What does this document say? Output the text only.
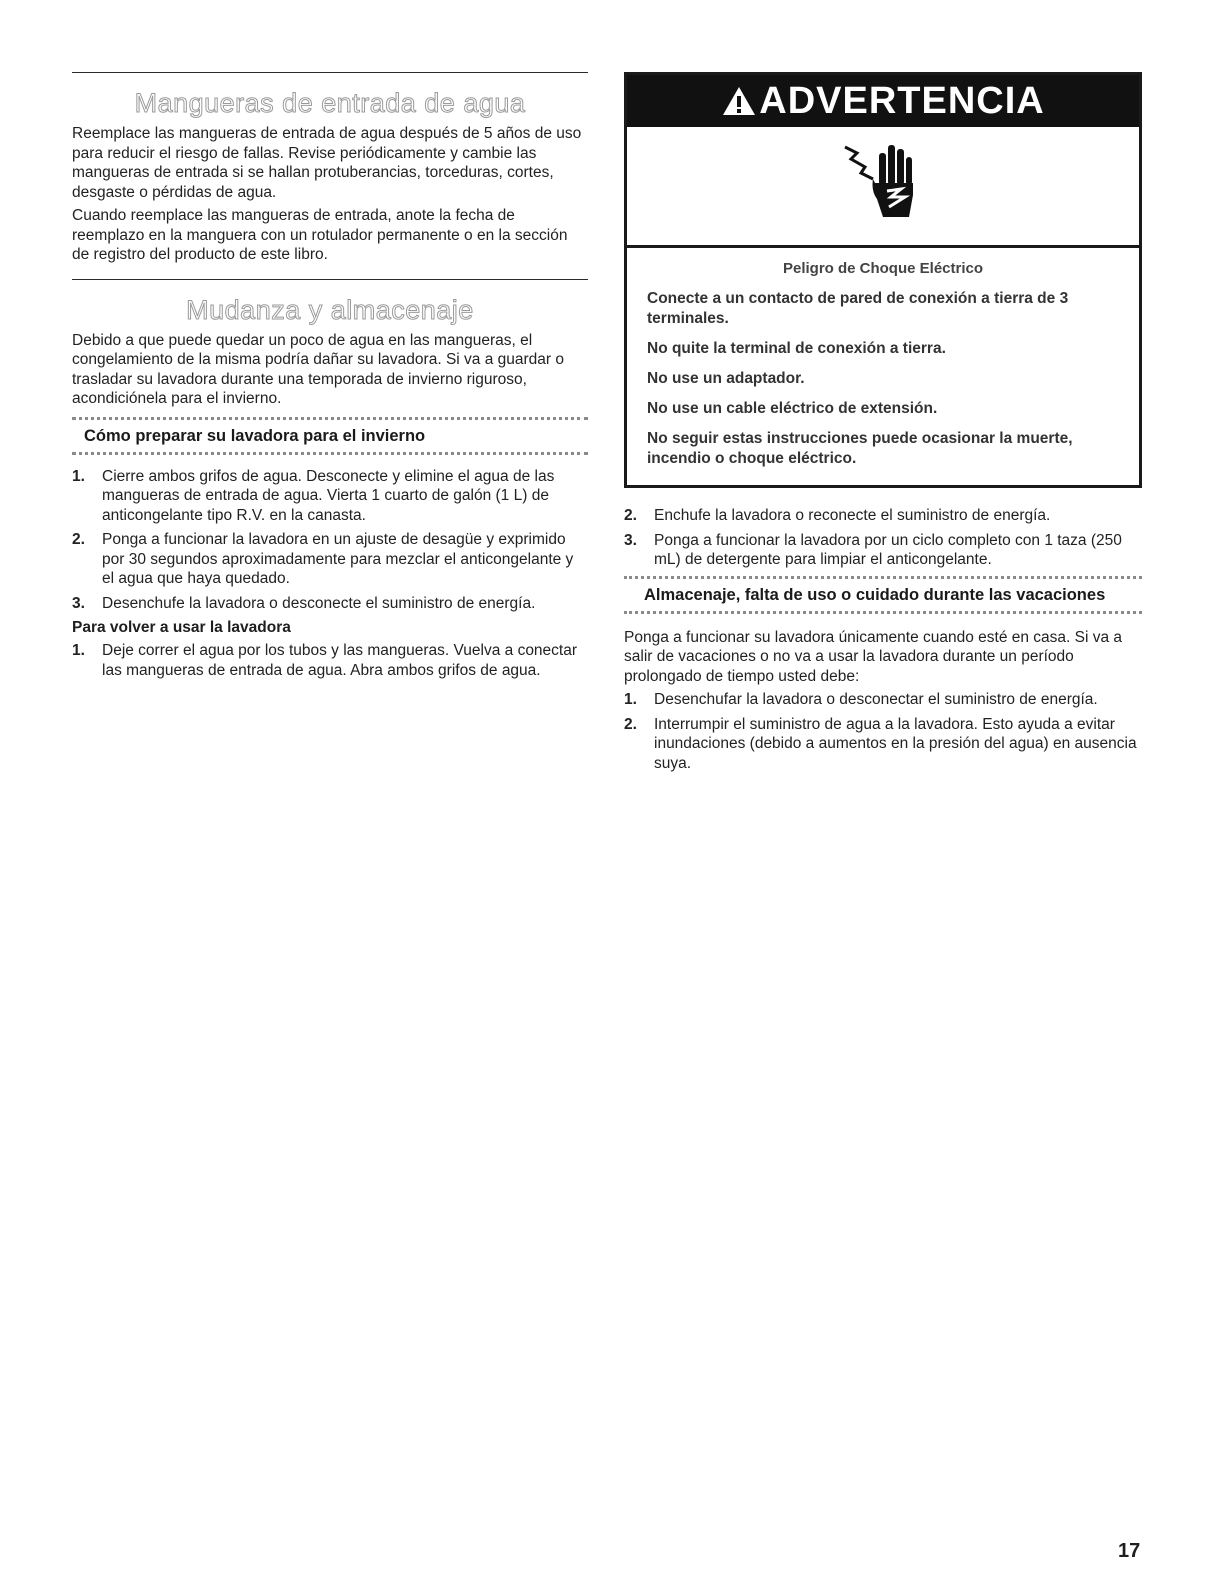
Mangueras de entrada de agua

Reemplace las mangueras de entrada de agua después de 5 años de uso para reducir el riesgo de fallas. Revise periódicamente y cambie las mangueras de entrada si se hallan protuberancias, torceduras, cortes, desgaste o pérdidas de agua.

Cuando reemplace las mangueras de entrada, anote la fecha de reemplazo en la manguera con un rotulador permanente o en la sección de registro del producto de este libro.

Mudanza y almacenaje

Debido a que puede quedar un poco de agua en las mangueras, el congelamiento de la misma podría dañar su lavadora. Si va a guardar o trasladar su lavadora durante una temporada de invierno riguroso, acondiciónela para el invierno.

Cómo preparar su lavadora para el invierno
1.	Cierre ambos grifos de agua. Desconecte y elimine el agua de las mangueras de entrada de agua. Vierta 1 cuarto de galón (1 L) de anticongelante tipo R.V. en la canasta.
2.	Ponga a funcionar la lavadora en un ajuste de desagüe y exprimido por 30 segundos aproximadamente para mezclar el anticongelante y el agua que haya quedado.
3.	Desenchufe la lavadora o desconecte el suministro de energía.
Para volver a usar la lavadora
1.	Deje correr el agua por los tubos y las mangueras. Vuelva a conectar las mangueras de entrada de agua. Abra ambos grifos de agua.
ADVERTENCIA
Peligro de Choque Eléctrico

Conecte a un contacto de pared de conexión a tierra de 3 terminales.

No quite la terminal de conexión a tierra.

No use un adaptador.

No use un cable eléctrico de extensión.

No seguir estas instrucciones puede ocasionar la muerte, incendio o choque eléctrico.

2.	Enchufe la lavadora o reconecte el suministro de energía.
3.	Ponga a funcionar la lavadora por un ciclo completo con 1 taza (250 mL) de detergente para limpiar el anticongelante.
Almacenaje, falta de uso o cuidado durante las vacaciones

Ponga a funcionar su lavadora únicamente cuando esté en casa. Si va a salir de vacaciones o no va a usar la lavadora durante un período prolongado de tiempo usted debe:

1.	Desenchufar la lavadora o desconectar el suministro de energía.
2.	Interrumpir el suministro de agua a la lavadora. Esto ayuda a evitar inundaciones (debido a aumentos en la presión del agua) en ausencia suya.
17
